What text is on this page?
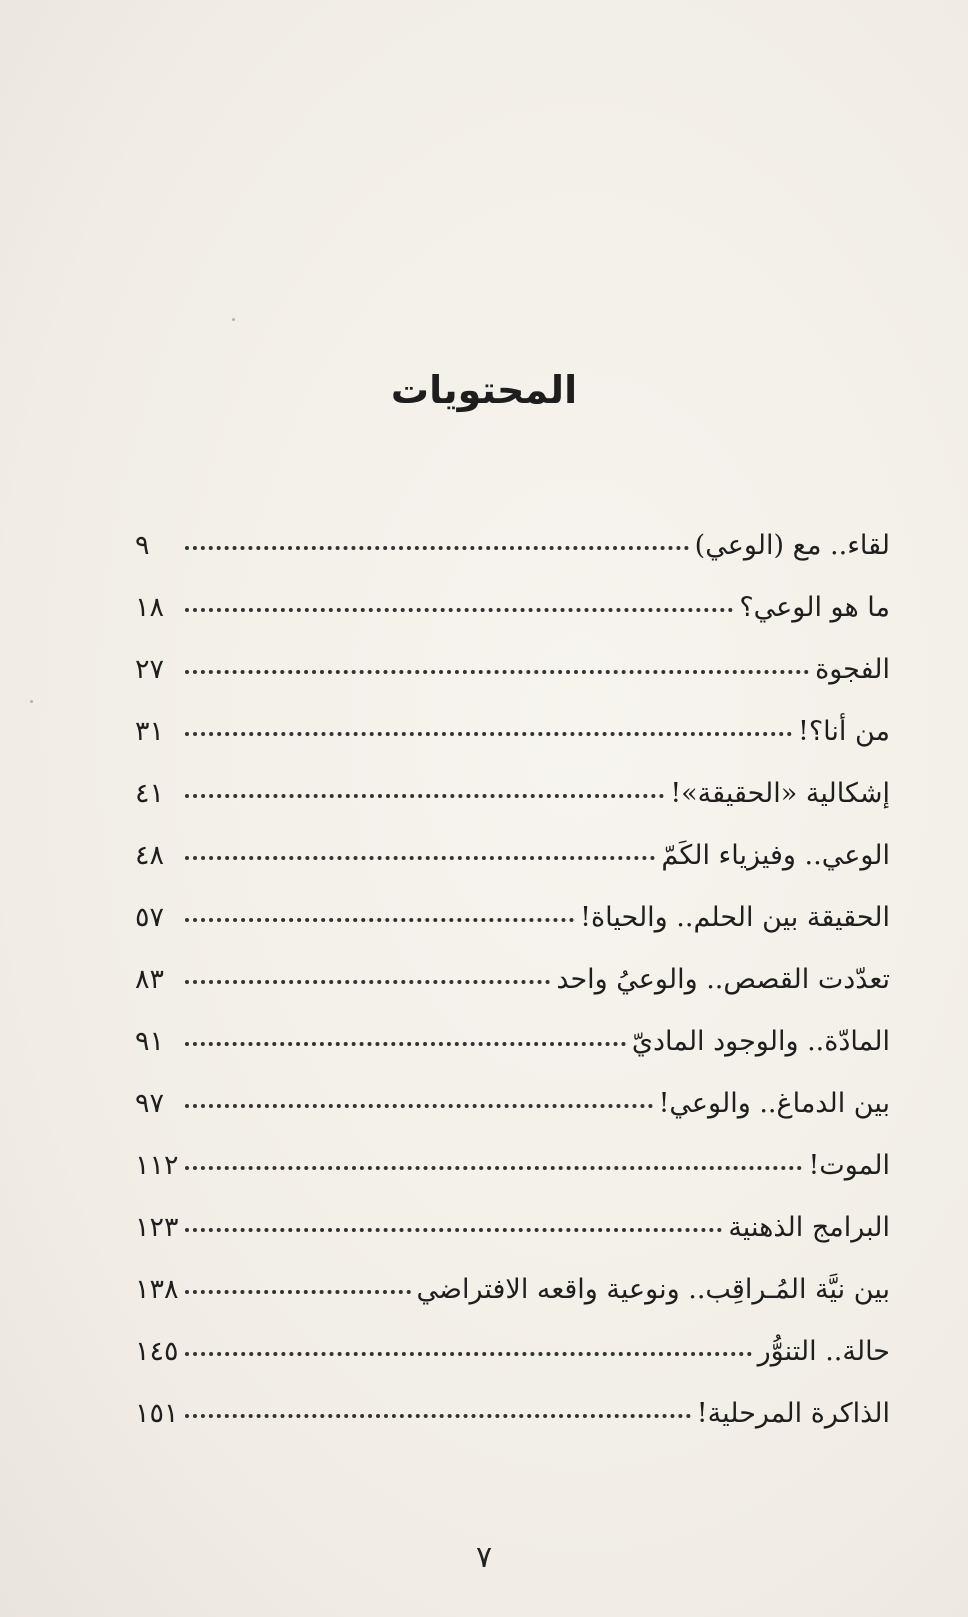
المحتويات
لقاء.. مع (الوعي)
٩
ما هو الوعي؟
١٨
الفجوة
٢٧
من أنا؟!
٣١
إشكالية «الحقيقة»!
٤١
الوعي.. وفيزياء الكَمّ
٤٨
الحقيقة بين الحلم.. والحياة!
٥٧
تعدّدت القصص.. والوعيُ واحد
٨٣
المادّة.. والوجود الماديّ
٩١
بين الدماغ.. والوعي!
٩٧
الموت!
١١٢
البرامج الذهنية
١٢٣
بين نيَّة المُـراقِب.. ونوعية واقعه الافتراضي
١٣٨
حالة.. التنوُّر
١٤٥
الذاكرة المرحلية!
١٥١
٧
